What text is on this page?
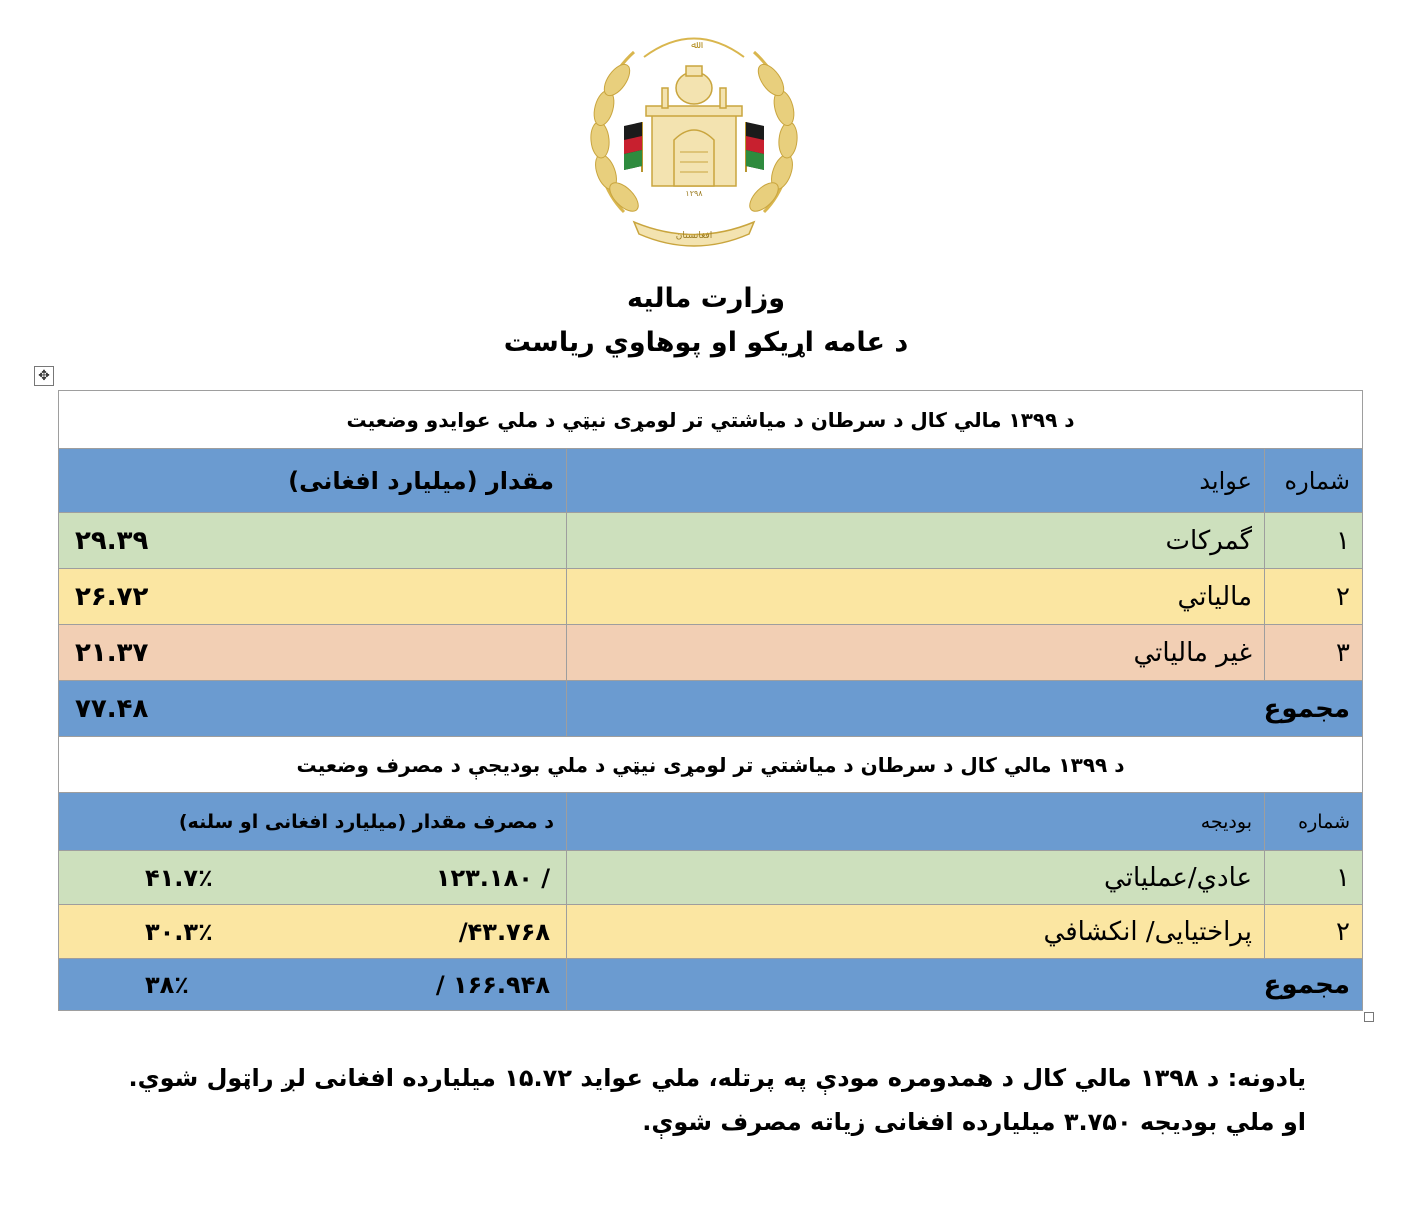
ﷲ
١٢٩٨
افغانستان
وزارت ماليه
د عامه اړيکو او پوهاوي رياست
✥
د ۱۳۹۹ مالي کال د سرطان د مياشتي تر لومړى نيټي د ملي عوايدو وضعيت		
شماره	عوايد	مقدار (ميليارد افغانى)
۱	گمرکات	۲۹.۳۹
۲	مالياتي	۲۶.۷۲
۳	غير مالياتي	۲۱.۳۷
مجموع		۷۷.۴۸
د ۱۳۹۹ مالي کال د سرطان د مياشتي تر لومړى نيټي د ملي بوديجې د مصرف وضعيت		
شماره	بوديجه	د مصرف مقدار (ميليارد افغانى او سلنه)
۱	عادي/عملياتي	۴۱.۷٪ ۱۲۳.۱۸۰ /

۲	پراختيايى/ انکشافي	۳۰.۳٪ /۴۳.۷۶۸

مجموع		۳۸٪ / ۱۶۶.۹۴۸
يادونه: د ۱۳۹۸ مالي کال د همدومره مودې په پرتله، ملي عوايد ۱۵.۷۲ ميلياردە افغانى لږ راټول شوي. او ملي بوديجه ۳.۷۵۰ ميلياردە افغانى زياته مصرف شوې.
